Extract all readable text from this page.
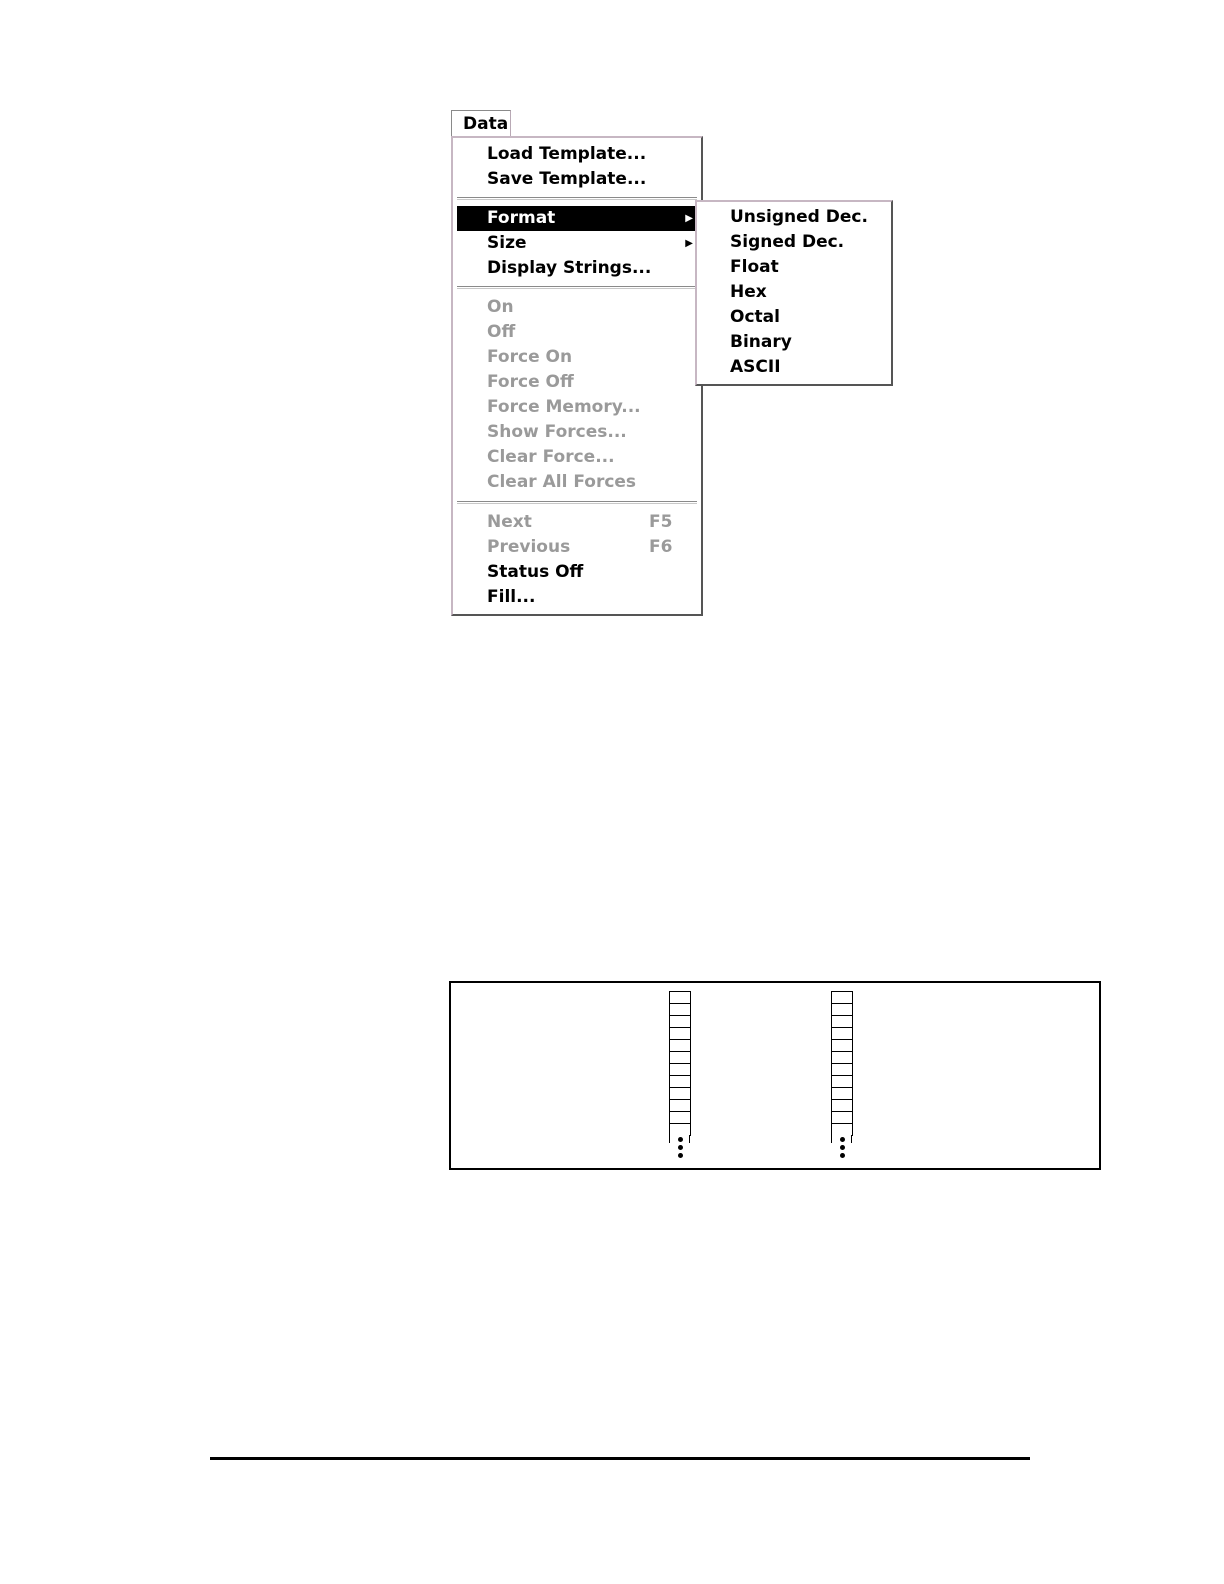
Data
Load Template...
Save Template...
Format	▶
Size	▶
Display Strings...
On
Off
Force On
Force Off
Force Memory...
Show Forces...
Clear Force...
Clear All Forces
Next	F5
Previous	F6
Status Off
Fill...
Unsigned Dec.
Signed Dec.
Float
Hex
Octal
Binary
ASCII
